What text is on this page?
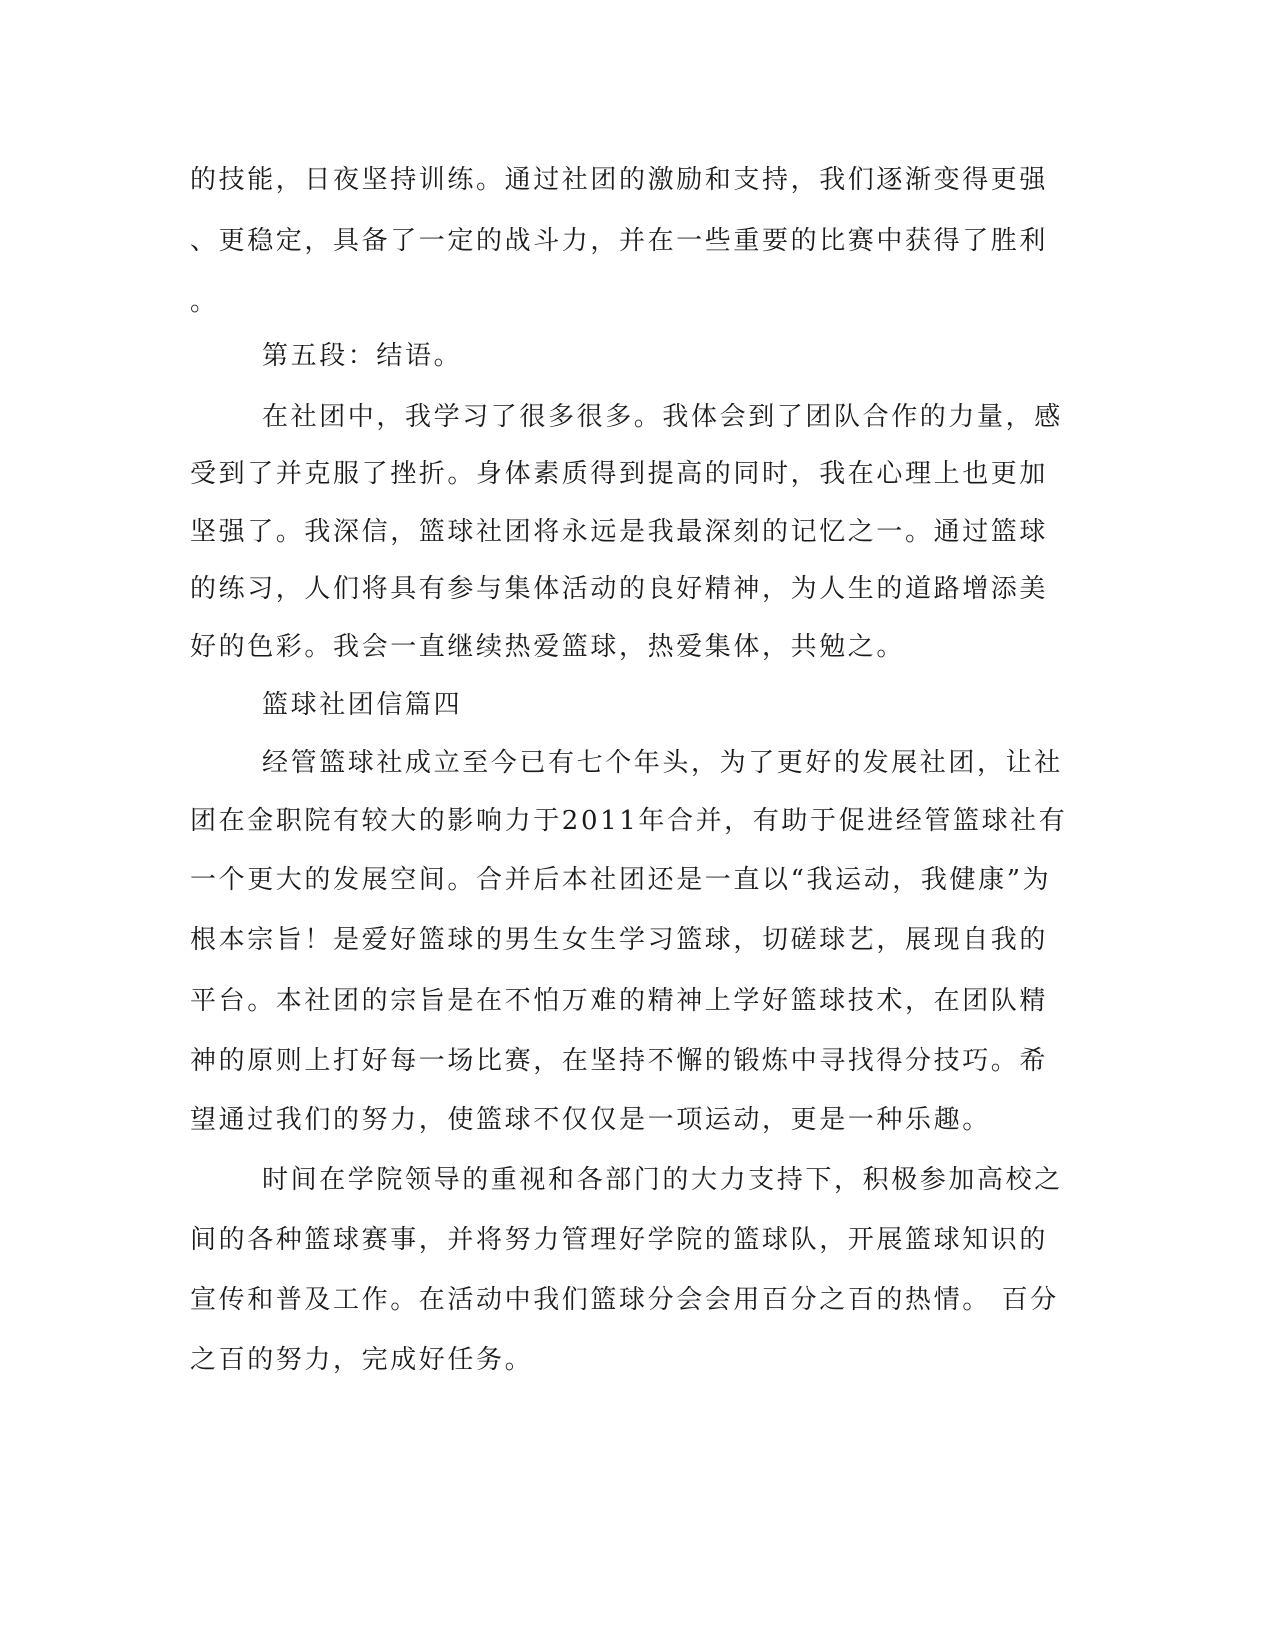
的技能，日夜坚持训练。通过社团的激励和支持，我们逐渐变得更强
、更稳定，具备了一定的战斗力，并在一些重要的比赛中获得了胜利
。
第五段：结语。
在社团中，我学习了很多很多。我体会到了团队合作的力量，感
受到了并克服了挫折。身体素质得到提高的同时，我在心理上也更加
坚强了。我深信，篮球社团将永远是我最深刻的记忆之一。通过篮球
的练习，人们将具有参与集体活动的良好精神，为人生的道路增添美
好的色彩。我会一直继续热爱篮球，热爱集体，共勉之。
篮球社团信篇四
经管篮球社成立至今已有七个年头，为了更好的发展社团，让社
团在金职院有较大的影响力于2011年合并，有助于促进经管篮球社有
一个更大的发展空间。合并后本社团还是一直以“我运动，我健康”为
根本宗旨！是爱好篮球的男生女生学习篮球，切磋球艺，展现自我的
平台。本社团的宗旨是在不怕万难的精神上学好篮球技术，在团队精
神的原则上打好每一场比赛，在坚持不懈的锻炼中寻找得分技巧。希
望通过我们的努力，使篮球不仅仅是一项运动，更是一种乐趣。
时间在学院领导的重视和各部门的大力支持下，积极参加高校之
间的各种篮球赛事，并将努力管理好学院的篮球队，开展篮球知识的
宣传和普及工作。在活动中我们篮球分会会用百分之百的热情。 百分
之百的努力，完成好任务。
